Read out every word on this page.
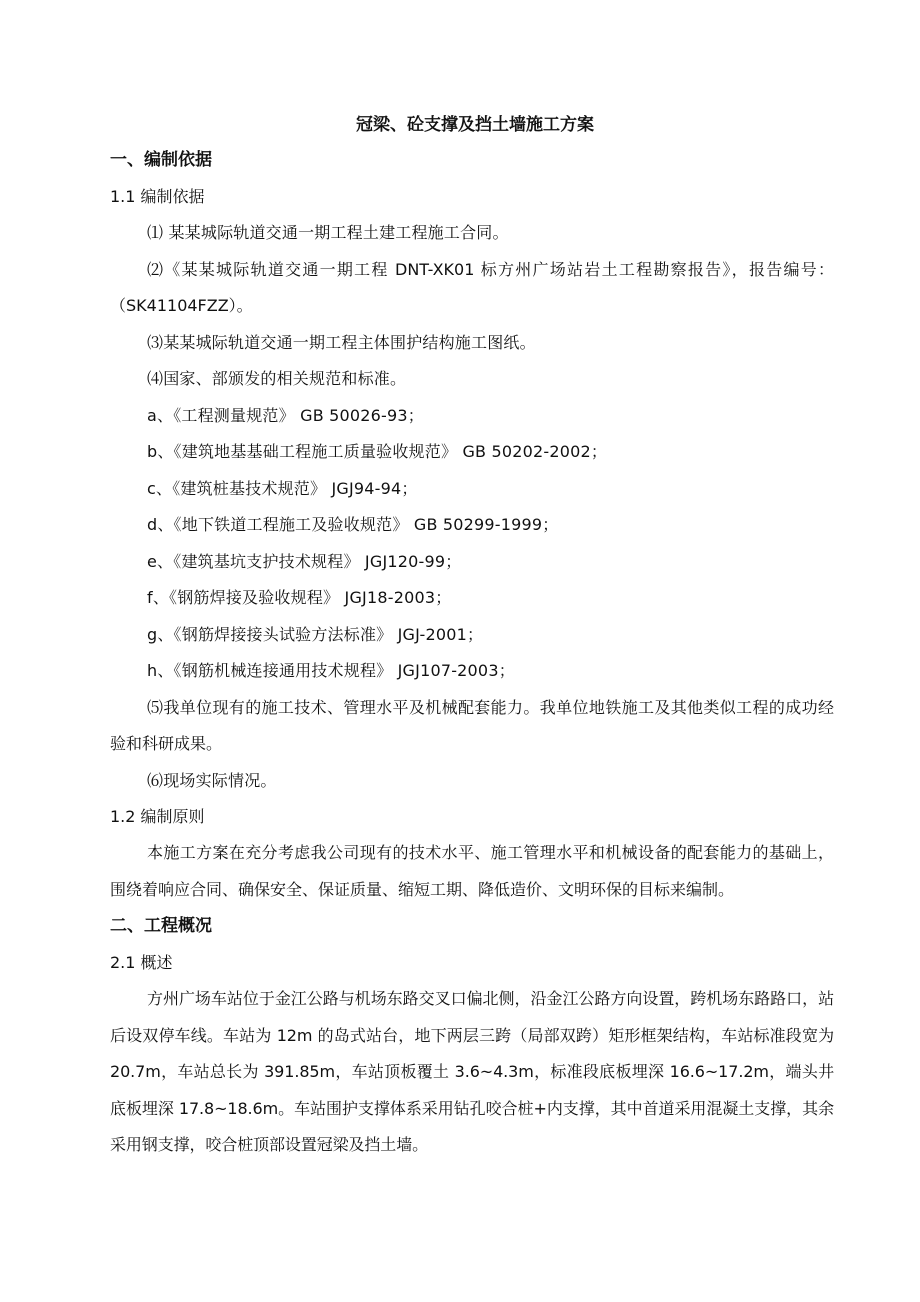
冠梁、砼支撑及挡土墙施工方案
一、编制依据
1.1 编制依据
⑴ 某某城际轨道交通一期工程土建工程施工合同。
⑵《某某城际轨道交通一期工程 DNT-XK01 标方州广场站岩土工程勘察报告》，报告编号：（SK41104FZZ）。
⑶某某城际轨道交通一期工程主体围护结构施工图纸。
⑷国家、部颁发的相关规范和标准。
a、《工程测量规范》 GB 50026-93；
b、《建筑地基基础工程施工质量验收规范》 GB 50202-2002；
c、《建筑桩基技术规范》 JGJ94-94；
d、《地下铁道工程施工及验收规范》 GB 50299-1999；
e、《建筑基坑支护技术规程》 JGJ120-99；
f、《钢筋焊接及验收规程》 JGJ18-2003；
g、《钢筋焊接接头试验方法标准》 JGJ-2001；
h、《钢筋机械连接通用技术规程》 JGJ107-2003；
⑸我单位现有的施工技术、管理水平及机械配套能力。我单位地铁施工及其他类似工程的成功经验和科研成果。
⑹现场实际情况。
1.2 编制原则
本施工方案在充分考虑我公司现有的技术水平、施工管理水平和机械设备的配套能力的基础上，围绕着响应合同、确保安全、保证质量、缩短工期、降低造价、文明环保的目标来编制。
二、工程概况
2.1 概述
方州广场车站位于金江公路与机场东路交叉口偏北侧，沿金江公路方向设置，跨机场东路路口，站后设双停车线。车站为 12m 的岛式站台，地下两层三跨（局部双跨）矩形框架结构，车站标准段宽为 20.7m，车站总长为 391.85m，车站顶板覆土 3.6~4.3m，标准段底板埋深 16.6~17.2m，端头井底板埋深 17.8~18.6m。车站围护支撑体系采用钻孔咬合桩+内支撑，其中首道采用混凝土支撑，其余采用钢支撑，咬合桩顶部设置冠梁及挡土墙。
